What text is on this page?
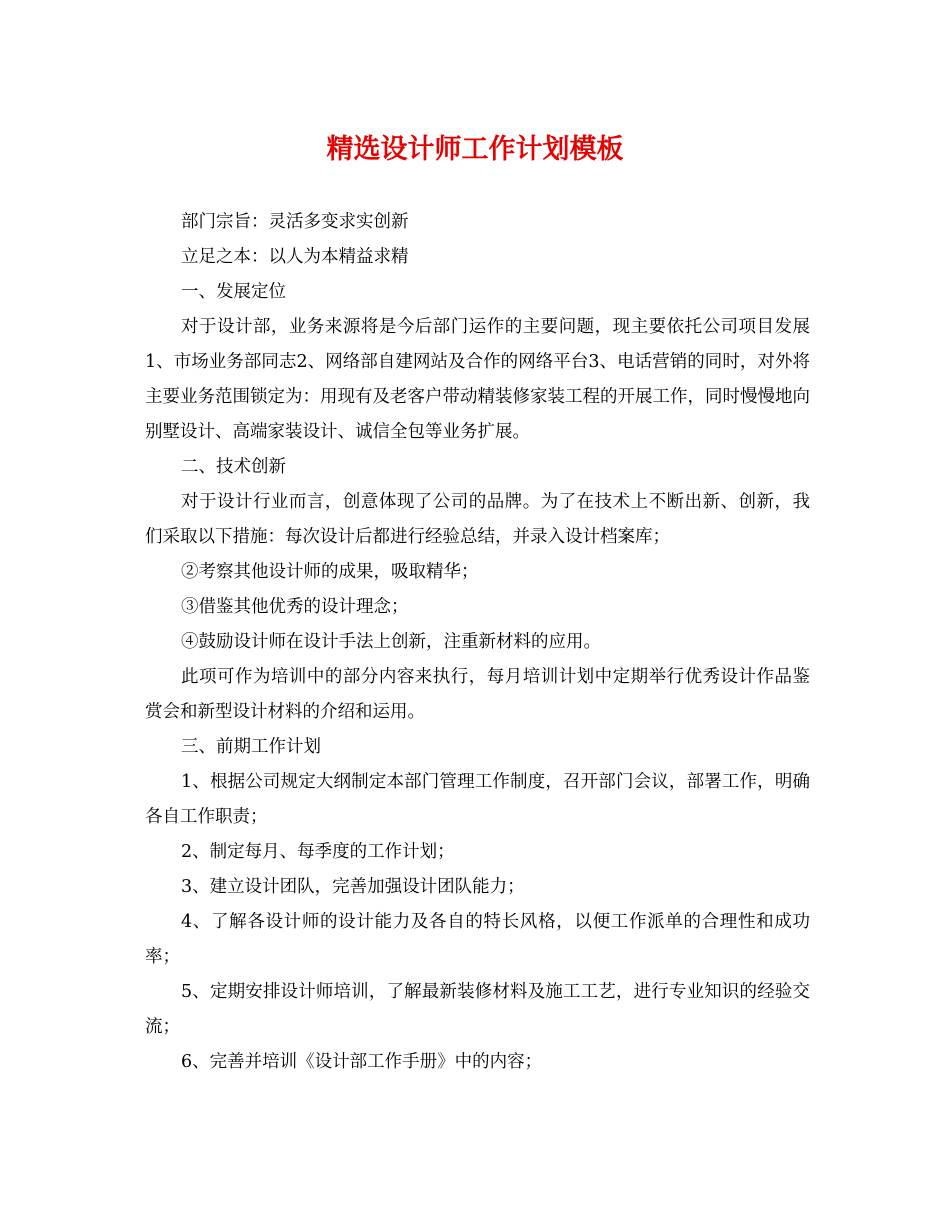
精选设计师工作计划模板

部门宗旨：灵活多变求实创新

立足之本：以人为本精益求精

一、发展定位

对于设计部，业务来源将是今后部门运作的主要问题，现主要依托公司项目发展1、市场业务部同志2、网络部自建网站及合作的网络平台3、电话营销的同时，对外将主要业务范围锁定为：用现有及老客户带动精装修家装工程的开展工作，同时慢慢地向别墅设计、高端家装设计、诚信全包等业务扩展。

二、技术创新

对于设计行业而言，创意体现了公司的品牌。为了在技术上不断出新、创新，我们采取以下措施：每次设计后都进行经验总结，并录入设计档案库；

②考察其他设计师的成果，吸取精华；

③借鉴其他优秀的设计理念；

④鼓励设计师在设计手法上创新，注重新材料的应用。

此项可作为培训中的部分内容来执行，每月培训计划中定期举行优秀设计作品鉴赏会和新型设计材料的介绍和运用。

三、前期工作计划

1、根据公司规定大纲制定本部门管理工作制度，召开部门会议，部署工作，明确各自工作职责；

2、制定每月、每季度的工作计划；

3、建立设计团队，完善加强设计团队能力；

4、了解各设计师的设计能力及各自的特长风格，以便工作派单的合理性和成功率；

5、定期安排设计师培训，了解最新装修材料及施工工艺，进行专业知识的经验交流；

6、完善并培训《设计部工作手册》中的内容；
